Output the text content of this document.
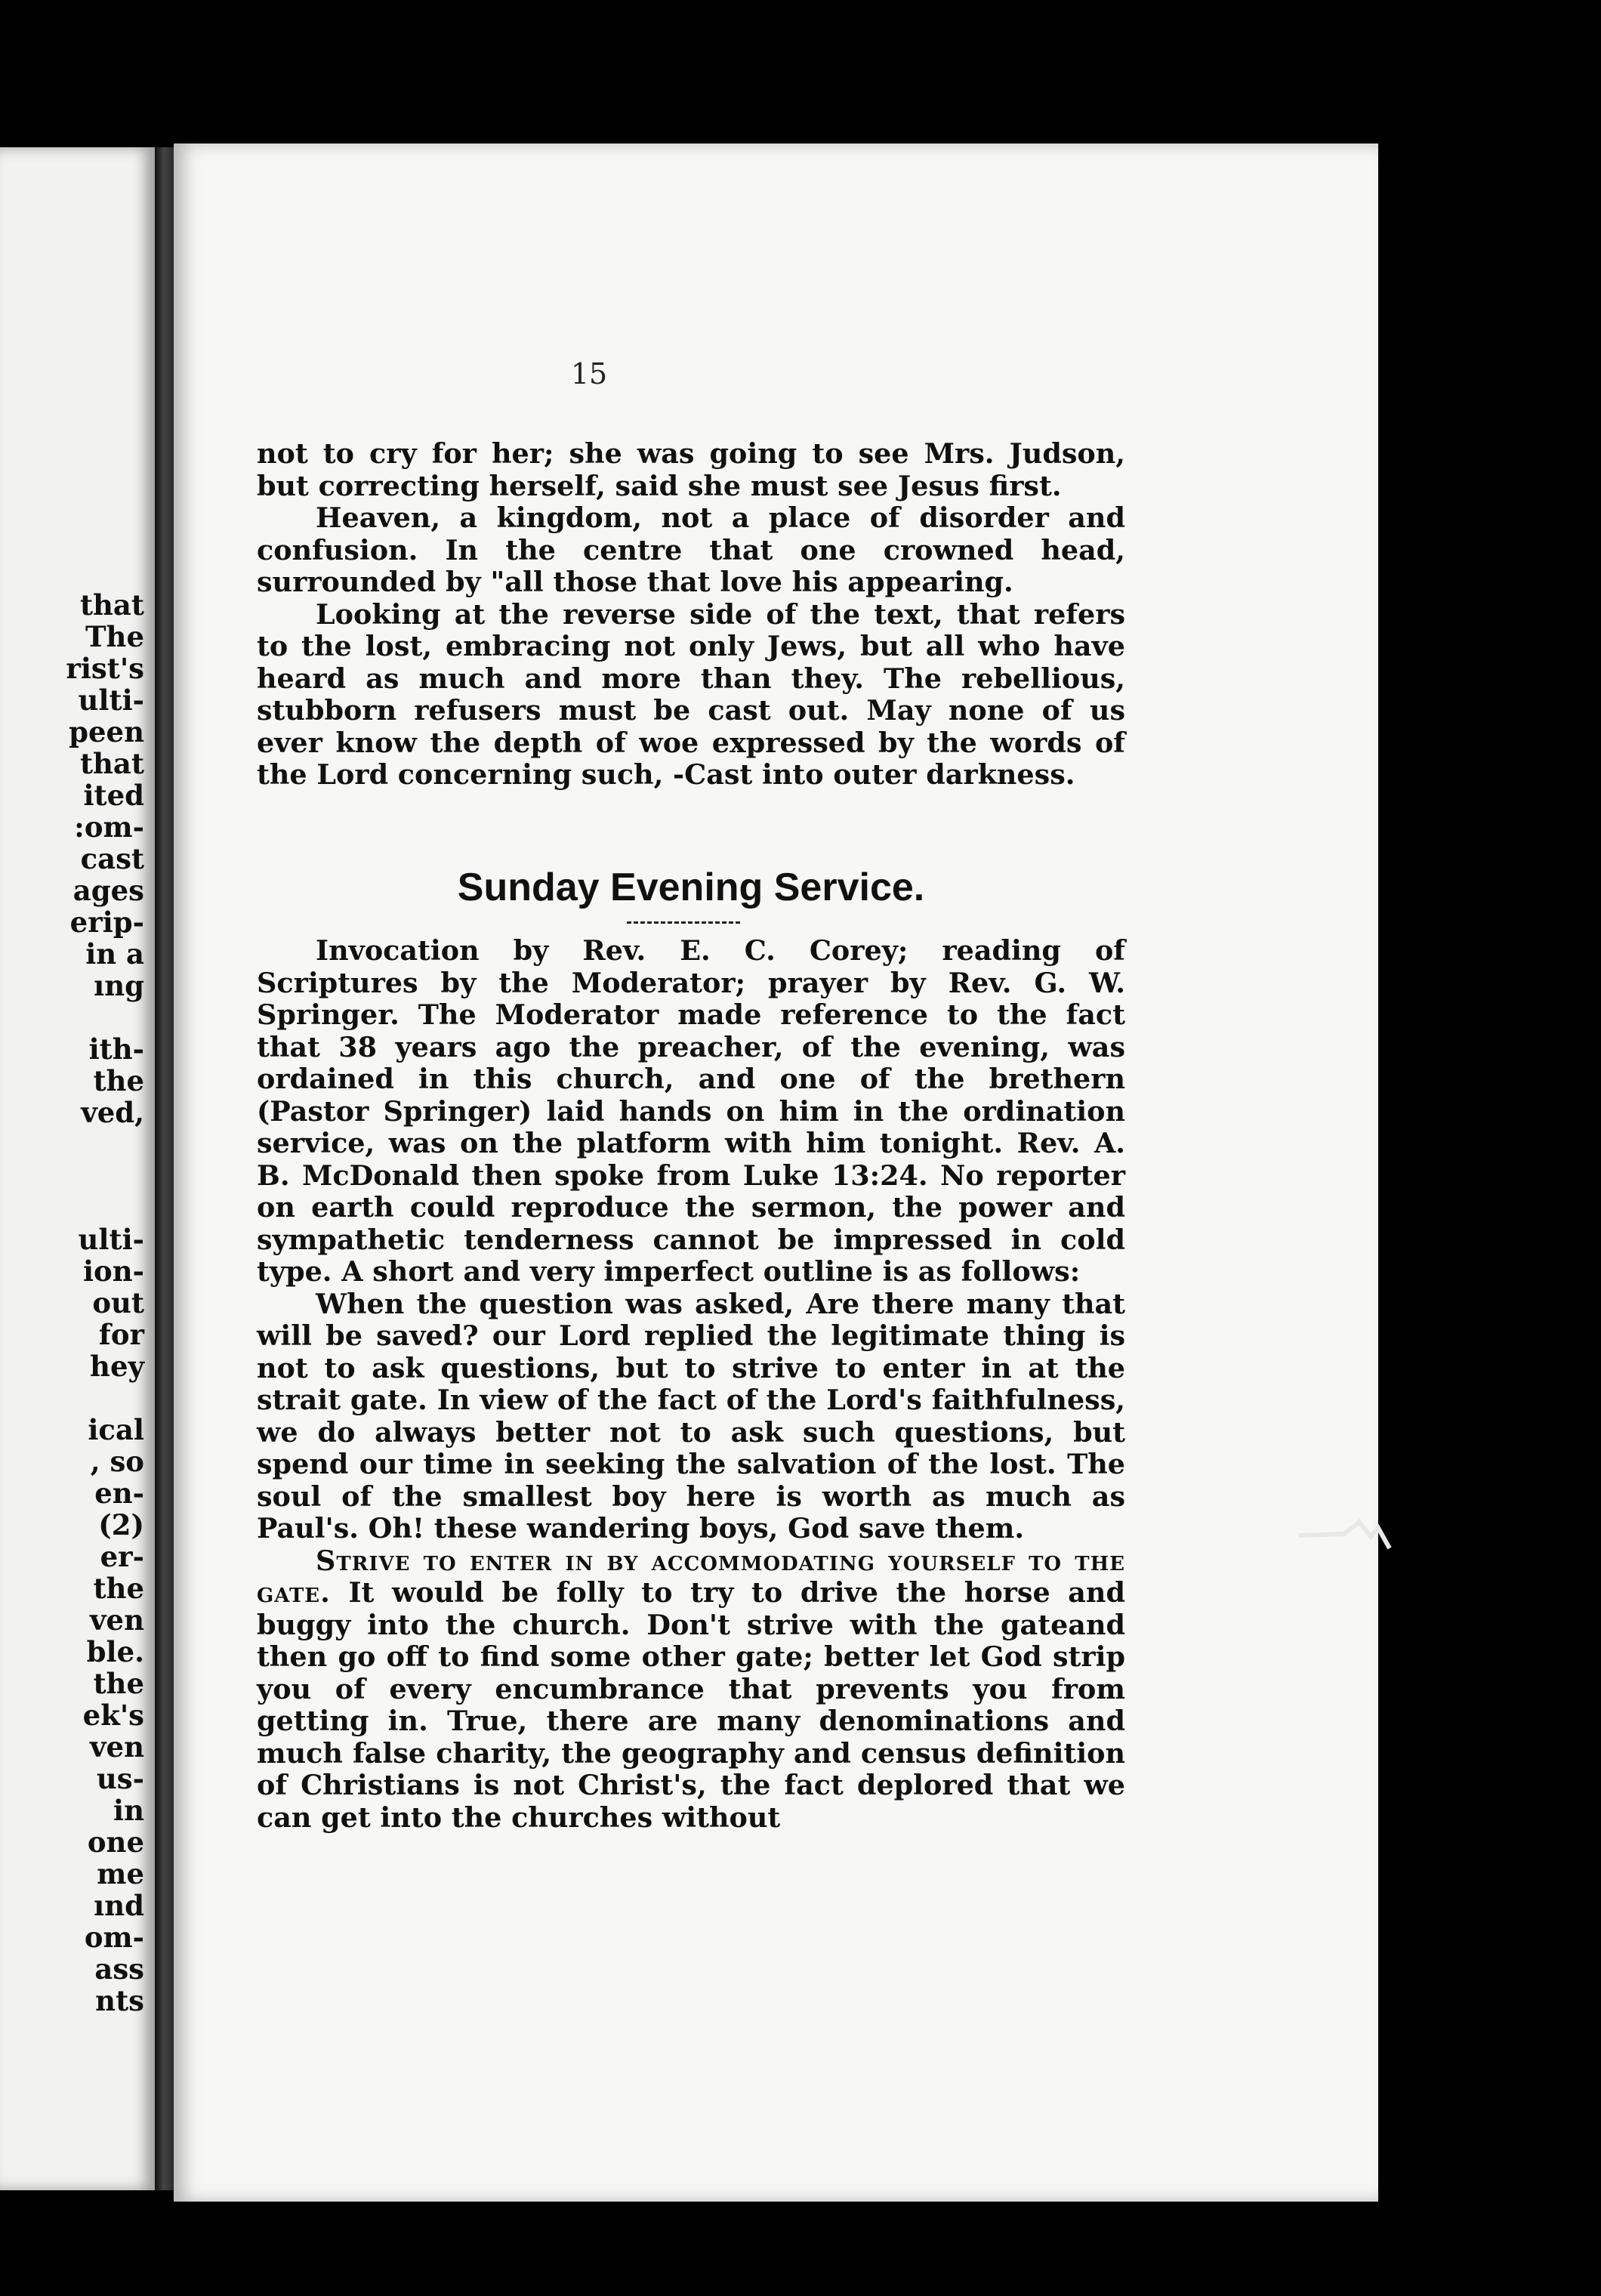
that
The
rist's
ulti-
peen
that
ited
:om-
cast
ages
erip-
in a
ıng

ith-
the
ved,

ulti-
ion-
out
for
hey

ical
, so
en-
(2)
er-
the
ven
ble.
the
ek's
ven
us-
in
one
me
ınd
om-
ass
nts
15

not to cry for her; she was going to see Mrs. Judson, but correcting herself, said she must see Jesus first.

Heaven, a kingdom, not a place of disorder and confusion. In the centre that one crowned head, surrounded by "all those that love his appearing.

Looking at the reverse side of the text, that refers to the lost, embracing not only Jews, but all who have heard as much and more than they. The rebellious, stubborn refusers must be cast out. May none of us ever know the depth of woe expressed by the words of the Lord concerning such, -Cast into outer darkness.

Sunday Evening Service.

Invocation by Rev. E. C. Corey; reading of Scriptures by the Moderator; prayer by Rev. G. W. Springer. The Moderator made reference to the fact that 38 years ago the preacher, of the evening, was ordained in this church, and one of the brethern (Pastor Springer) laid hands on him in the ordination service, was on the platform with him tonight. Rev. A. B. McDonald then spoke from Luke 13:24. No reporter on earth could reproduce the sermon, the power and sympathetic tenderness cannot be impressed in cold type. A short and very imperfect outline is as follows:

When the question was asked, Are there many that will be saved? our Lord replied the legitimate thing is not to ask questions, but to strive to enter in at the strait gate. In view of the fact of the Lord's faithfulness, we do always better not to ask such questions, but spend our time in seeking the salvation of the lost. The soul of the smallest boy here is worth as much as Paul's. Oh! these wandering boys, God save them.

Strive to enter in by accommodating yourself to the gate. It would be folly to try to drive the horse and buggy into the church. Don't strive with the gateand then go off to find some other gate; better let God strip you of every encumbrance that prevents you from getting in. True, there are many denominations and much false charity, the geography and census definition of Christians is not Christ's, the fact deplored that we can get into the churches without
